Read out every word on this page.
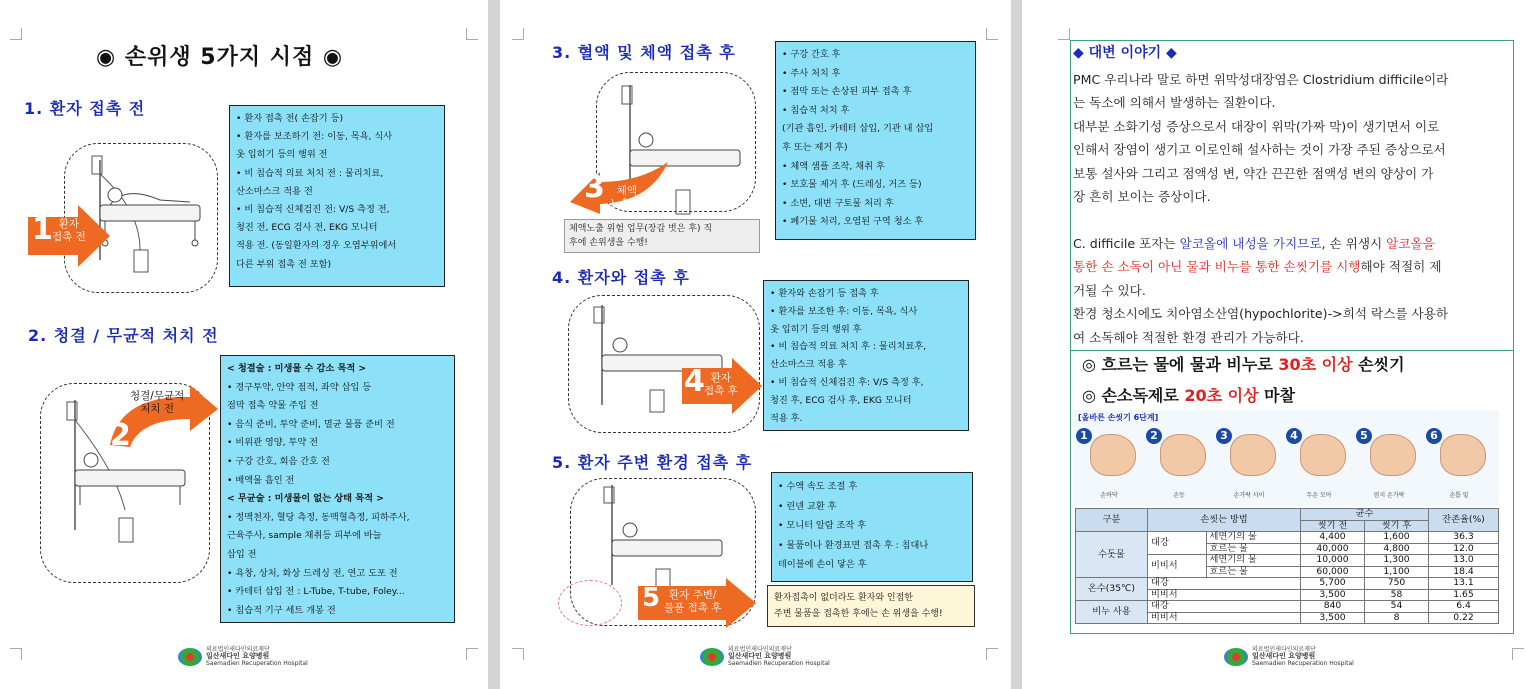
◉ 손위생 5가지 시점 ◉
1. 환자 접촉 전
1 환자
접촉 전
• 환자 접촉 전( 손잡기 등)
• 환자를 보조하기 전: 이동, 목욕, 식사
옷 입히기 등의 행위 전
• 비 침습적 의료 처치 전 : 물리치료,
산소마스크 적용 전
• 비 침습적 신체검진 전: V/S 측정 전,
청진 전, ECG 검사 전, EKG 모니터
적용 전. (동일환자의 경우 오염부위에서
다른 부위 접촉 전 포함)
2. 청결 / 무균적 처치 전
2
청결/무균적
처치 전
< 청결술 : 미생물 수 감소 목적 >
• 경구투약, 안약 점적, 좌약 삽입 등
점막 접촉 약물 주입 전
• 음식 준비, 투약 준비, 멸균 물품 준비 전
• 비위관 영양, 투약 전
• 구강 간호, 회음 간호 전
• 배액물 흡인 전
< 무균술 : 미생물이 없는 상태 목적 >
• 정맥천자, 혈당 측정, 동맥혈측정, 피하주사,
근육주사, sample 채취등 피부에 바늘
삽입 전
• 욕창, 상처, 화상 드레싱 전, 연고 도포 전
• 카테터 삽입 전 : L-Tube, T-tube, Foley...
• 침습적 기구 세트 개봉 전
의료법인새다인의료재단
일산새다인 요양병원
Saemadien Recuperation Hospital
3. 혈액 및 체액 접촉 후
3	체액
노출 후
체액노출 위험 업무(장갑 벗은 후) 직
후에 손위생을 수행!
• 구강 간호 후
• 주사 처치 후
• 점막 또는 손상된 피부 접촉 후
• 침습적 처치 후
(기관 흡인, 카테터 삽입, 기관 내 삽입
후 또는 제거 후)
• 체액 샘플 조작, 채취 후
• 보호물 제거 후 (드레싱, 거즈 등)
• 소변, 대변 구토물 처리 후
• 폐기물 처리, 오염된 구역 청소 후
4. 환자와 접촉 후
4 환자
접촉 후
• 환자와 손잡기 등 접촉 후
• 환자를 보조한 후: 이동, 목욕, 식사
옷 입히기 등의 행위 후
• 비 침습적 의료 처치 후 : 물리치료후,
산소마스크 적용 후
• 비 침습적 신체검진 후: V/S 측정 후,
청진 후, ECG 검사 후, EKG 모니터
적용 후.
5. 환자 주변 환경 접촉 후
5 환자 주변/
물품 접촉 후
• 수액 속도 조절 후
• 린넨 교환 후
• 모니터 알람 조작 후
• 물품이나 환경표면 접촉 후 : 침대나
테이블에 손이 닿은 후
환자접촉이 없더라도 환자와 인접한
주변 물품을 접촉한 후에는 손 위생을 수행!
의료법인새다인의료재단
일산새다인 요양병원
Saemadien Recuperation Hospital
◆ 대변 이야기 ◆
PMC 우리나라 말로 하면 위막성대장염은 Clostridium difficile이라
는 독소에 의해서 발생하는 질환이다.
대부분 소화기성 증상으로서 대장이 위막(가짜 막)이 생기면서 이로
인해서 장염이 생기고 이로인해 설사하는 것이 가장 주된 증상으로서
보통 설사와 그리고 점액성 변, 약간 끈끈한 점액성 변의 양상이 가
장 흔히 보이는 증상이다.
C. difficile 포자는 알코올에 내성을 가지므로, 손 위생시 알코올을
통한 손 소독이 아닌 물과 비누를 통한 손씻기를 시행해야 적절히 제
거될 수 있다.
환경 청소시에도 치아염소산염(hypochlorite)->희석 락스를 사용하
여 소독해야 적절한 환경 관리가 가능하다.
◎ 흐르는 물에 물과 비누로 30초 이상 손씻기
◎ 손소독제로 20초 이상 마찰
[올바른 손씻기 6단계]
1
손바닥
2
손등
3
손가락 사이
4
두손 모아
5
엄지 손가락
6
손톱 밑
구분	손씻는 방법		균수		잔존율(%)
			씻기 전	씻기 후	
수돗물	대강	세면기의 물	4,400	1,600	36.3
		흐르는 물	40,000	4,800	12.0
	비비서	세면기의 물	10,000	1,300	13.0
		흐르는 물	60,000	1,100	18.4
온수(35℃)	대강		5,700	750	13.1
	비비서		3,500	58	1.65
비누 사용	대강		840	54	6.4
	비비서		3,500	8	0.22
의료법인새다인의료재단
일산새다인 요양병원
Saemadien Recuperation Hospital
